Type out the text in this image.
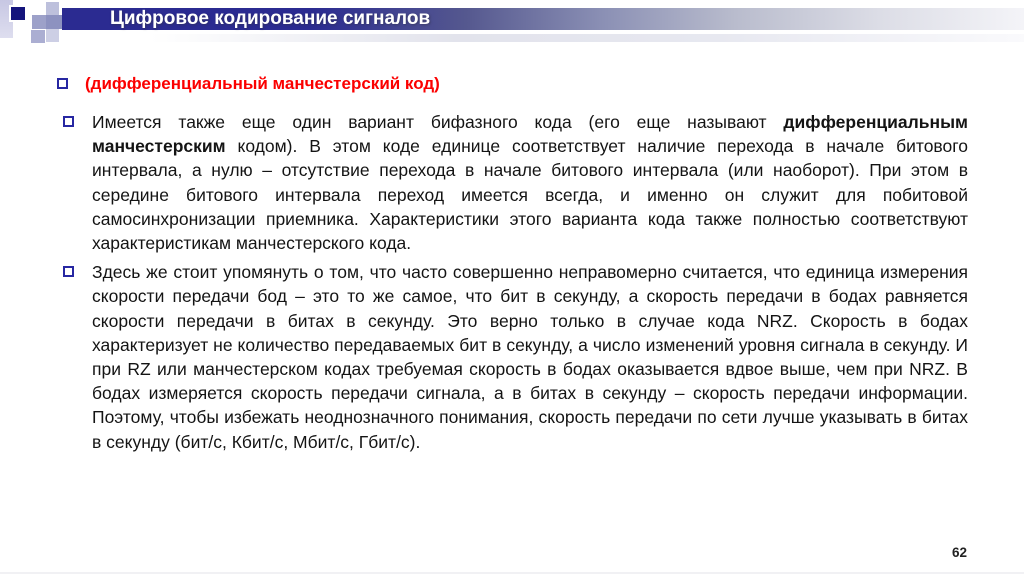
Цифровое кодирование сигналов
(дифференциальный манчестерский код)

Имеется также еще один вариант бифазного кода (его еще называют дифференциальным манчестерским кодом). В этом коде единице соответствует наличие перехода в начале битового интервала, а нулю – отсутствие перехода в начале битового интервала (или наоборот). При этом в середине битового интервала переход имеется всегда, и именно он служит для побитовой самосинхронизации приемника. Характеристики этого варианта кода также полностью соответствуют характеристикам манчестерского кода.

Здесь же стоит упомянуть о том, что часто совершенно неправомерно считается, что единица измерения скорости передачи бод – это то же самое, что бит в секунду, а скорость передачи в бодах равняется скорости передачи в битах в секунду. Это верно только в случае кода NRZ. Скорость в бодах характеризует не количество передаваемых бит в секунду, а число изменений уровня сигнала в секунду. И при RZ или манчестерском кодах требуемая скорость в бодах оказывается вдвое выше, чем при NRZ. В бодах измеряется скорость передачи сигнала, а в битах в секунду – скорость передачи информации. Поэтому, чтобы избежать неоднозначного понимания, скорость передачи по сети лучше указывать в битах в секунду (бит/с, Кбит/с, Мбит/с, Гбит/с).

62
